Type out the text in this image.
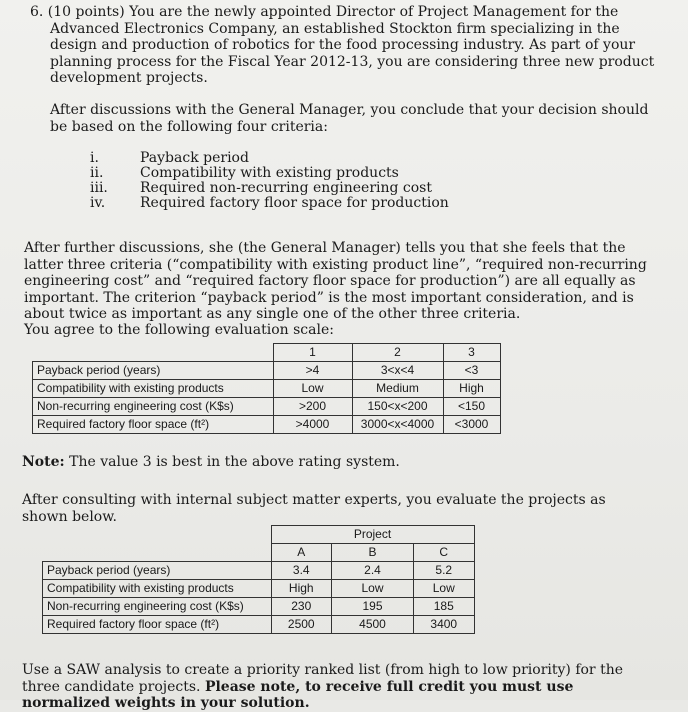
6. (10 points) You are the newly appointed Director of Project Management for the Advanced Electronics Company, an established Stockton firm specializing in the design and production of robotics for the food processing industry. As part of your planning process for the Fiscal Year 2012-13, you are considering three new product development projects.

After discussions with the General Manager, you conclude that your decision should be based on the following four criteria:

i.	Payback period
ii.	Compatibility with existing products
iii.	Required non-recurring engineering cost
iv.	Required factory floor space for production

After further discussions, she (the General Manager) tells you that she feels that the latter three criteria (“compatibility with existing product line”, “required non-recurring engineering cost” and “required factory floor space for production”) are all equally as important. The criterion “payback period” is the most important consideration, and is about twice as important as any single one of the other three criteria.

You agree to the following evaluation scale:

	1	2	3
Payback period (years)	>4	3<x<4	<3
Compatibility with existing products	Low	Medium	High
Non-recurring engineering cost (K$s)	>200	150<x<200	<150
Required factory floor space (ft²)	>4000	3000<x<4000	<3000

Note: The value 3 is best in the above rating system.

After consulting with internal subject matter experts, you evaluate the projects as shown below.

		Project	
	A	B	C
Payback period (years)	3.4	2.4	5.2
Compatibility with existing products	High	Low	Low
Non-recurring engineering cost (K$s)	230	195	185
Required factory floor space (ft²)	2500	4500	3400

Use a SAW analysis to create a priority ranked list (from high to low priority) for the three candidate projects. Please note, to receive full credit you must use normalized weights in your solution.
